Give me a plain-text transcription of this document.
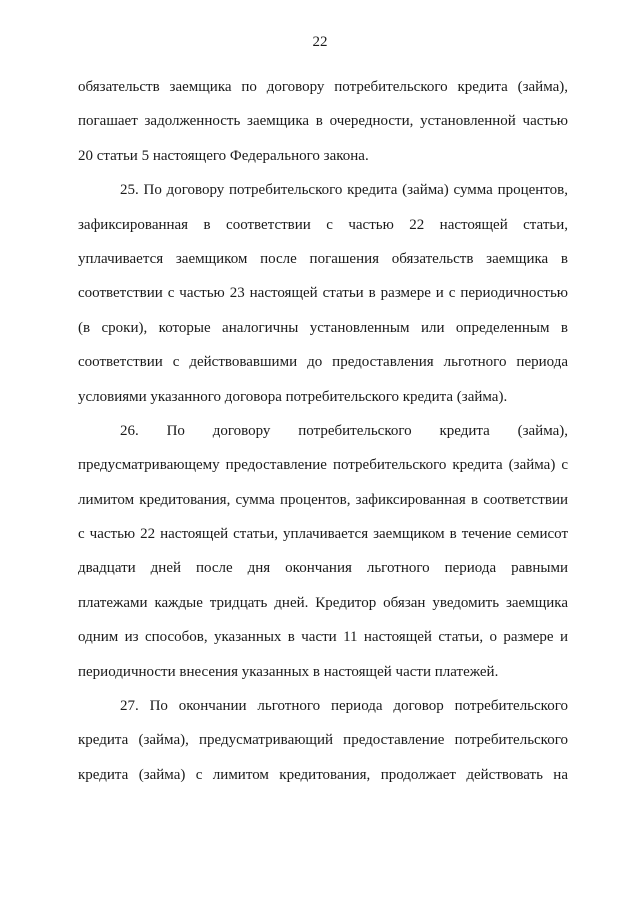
22
обязательств заемщика по договору потребительского кредита (займа),
погашает задолженность заемщика в очередности, установленной частью
20 статьи 5 настоящего Федерального закона.
25. По договору потребительского кредита (займа) сумма процентов,
зафиксированная в соответствии с частью 22 настоящей статьи,
уплачивается заемщиком после погашения обязательств заемщика в
соответствии с частью 23 настоящей статьи в размере и с периодичностью
(в сроки), которые аналогичны установленным или определенным в
соответствии с действовавшими до предоставления льготного периода
условиями указанного договора потребительского кредита (займа).
26. По договору потребительского кредита (займа),
предусматривающему предоставление потребительского кредита (займа) с
лимитом кредитования, сумма процентов, зафиксированная в соответствии
с частью 22 настоящей статьи, уплачивается заемщиком в течение семисот
двадцати дней после дня окончания льготного периода равными
платежами каждые тридцать дней. Кредитор обязан уведомить заемщика
одним из способов, указанных в части 11 настоящей статьи, о размере и
периодичности внесения указанных в настоящей части платежей.
27. По окончании льготного периода договор потребительского
кредита (займа), предусматривающий предоставление потребительского
кредита (займа) с лимитом кредитования, продолжает действовать на
